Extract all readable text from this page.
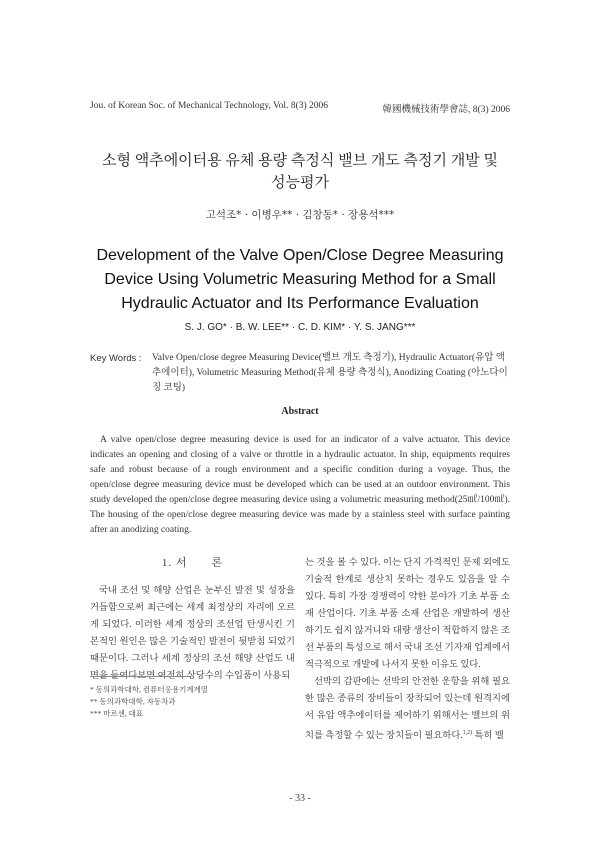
Jou. of Korean Soc. of Mechanical Technology, Vol. 8(3) 2006	韓國機械技術學會誌, 8(3) 2006
소형 액추에이터용 유체 용량 측정식 밸브 개도 측정기 개발 및
성능평가
고석조* · 이병우** · 김창동* · 장용석***
Development of the Valve Open/Close Degree Measuring
Device Using Volumetric Measuring Method for a Small
Hydraulic Actuator and Its Performance Evaluation
S. J. GO* · B. W. LEE** · C. D. KIM* · Y. S. JANG***
Key Words : Valve Open/close degree Measuring Device(밸브 개도 측정기), Hydraulic Actuator(유압 액추에이터), Volumetric Measuring Method(유체 용량 측정식), Anodizing Coating (아노다이징 코팅)
Abstract
A valve open/close degree measuring device is used for an indicator of a valve actuator. This device indicates an opening and closing of a valve or throttle in a hydraulic actuator. In ship, equipments requires safe and robust because of a rough environment and a specific condition during a voyage. Thus, the open/close degree measuring device must be developed which can be used at an outdoor environment. This study developed the open/close degree measuring device using a volumetric measuring method(25㎖/100㎖). The housing of the open/close degree measuring device was made by a stainless steel with surface painting after an anodizing coating.
1. 서　　론
국내 조선 및 해양 산업은 눈부신 발전 및 성장을 거듭함으로써 최근에는 세계 최정상의 자리에 오르게 되었다. 이러한 세계 정상의 조선업 탄생시킨 기본적인 원인은 많은 기술적인 발전이 뒷받침 되었기 때문이다. 그러나 세계 정상의 조선 해양 산업도 내면을 들여다보면 여전히 상당수의 수입품이 사용되
는 것을 볼 수 있다. 이는 단지 가격적인 문제 외에도 기술적 한계로 생산치 못하는 경우도 있음을 알 수 있다. 특히 가장 경쟁력이 약한 분야가 기초 부품 소재 산업이다. 기초 부품 소재 산업은 개발하여 생산하기도 쉽지 않거니와 대량 생산이 적합하지 않은 조선 부품의 특성으로 해서 국내 조선 기자재 업계에서 적극적으로 개발에 나서지 못한 이유도 있다.
선박의 갑판에는 선박의 안전한 운항을 위해 필요한 많은 종류의 장비들이 장착되어 있는데 원격지에서 유압 액추에이터를 제어하기 위해서는 밸브의 위치를 측정할 수 있는 장치들이 필요하다.$^{1,2)}$ 특히 밸
* 동의과학대학, 컴퓨터응용기계계열
** 동의과학대학, 자동차과
*** 마르센, 대표
- 33 -
